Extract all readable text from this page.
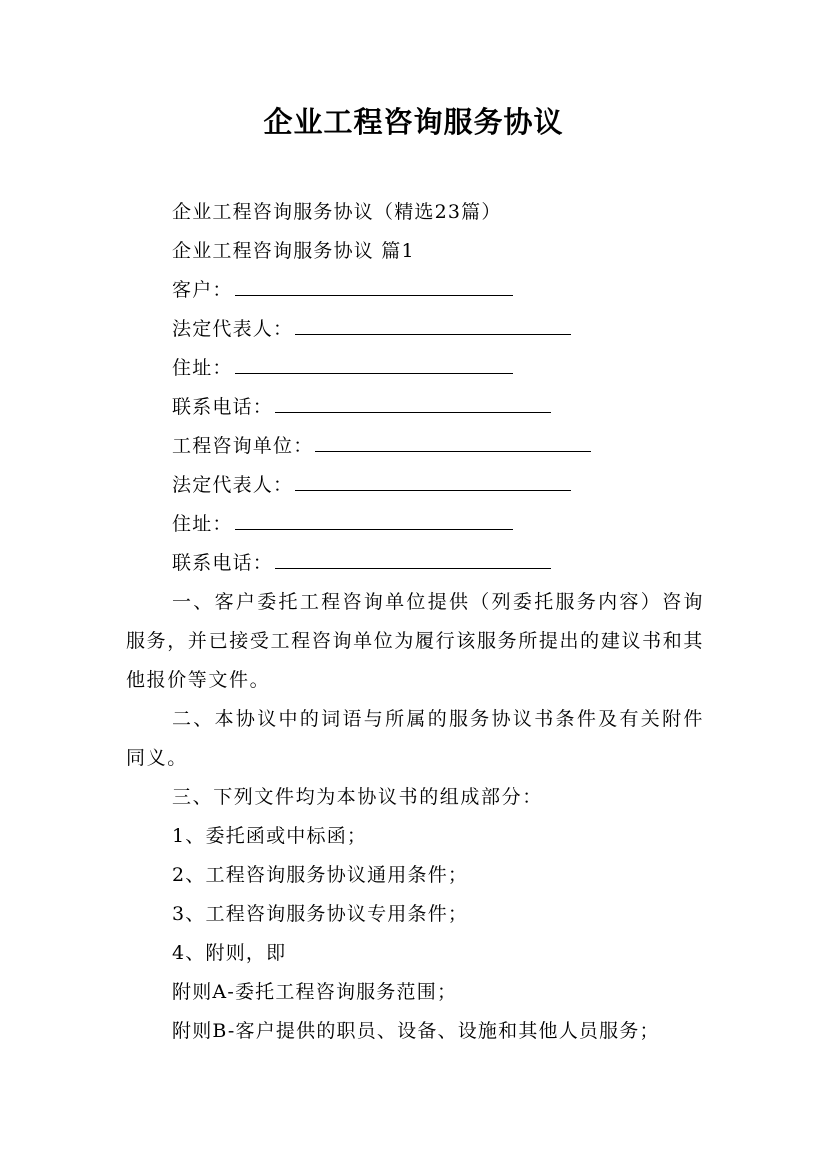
企业工程咨询服务协议

企业工程咨询服务协议（精选23篇）

企业工程咨询服务协议 篇1

客户：

法定代表人：

住址：

联系电话：

工程咨询单位：

法定代表人：

住址：

联系电话：

一、客户委托工程咨询单位提供（列委托服务内容）咨询服务，并已接受工程咨询单位为履行该服务所提出的建议书和其他报价等文件。

二、本协议中的词语与所属的服务协议书条件及有关附件同义。

三、下列文件均为本协议书的组成部分：

1、委托函或中标函；

2、工程咨询服务协议通用条件；

3、工程咨询服务协议专用条件；

4、附则，即

附则A-委托工程咨询服务范围；

附则B-客户提供的职员、设备、设施和其他人员服务；
